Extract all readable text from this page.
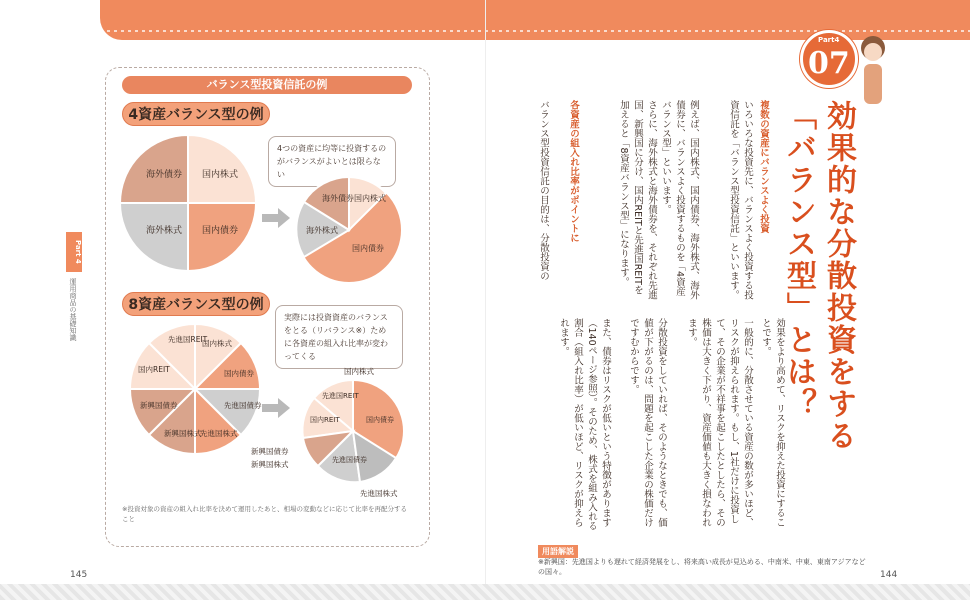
Part 4
運用商品の基礎知識
バランス型投資信託の例
4資産バランス型の例
4つの資産に均等に投資するのがバランスがよいとは限らない
海外債券 国内株式
海外株式 国内債券
海外債券 国内株式
海外株式
国内債券
8資産バランス型の例
実際には投資資産のバランスをとる（リバランス※）ために各資産の組入れ比率が変わってくる
先進国REIT
国内株式
国内REIT	国内債券
新興国債券	先進国債券
新興国株式
先進国株式
先進国REIT
国内REIT	国内債券
先進国債券
国内株式
新興国債券
新興国株式
先進国株式
※投資対象の資産の組入れ比率を決めて運用したあと、相場の変動などに応じて比率を再配分すること
145
Part4
07
効果的な分散投資をする
「バランス型」とは？
複数の資産にバランスよく投資
いろいろな投資先に、バランスよく投資する投資信託を「バランス型投資信託」といいます。
例えば、国内株式、国内債券、海外株式、海外債券に、バランスよく投資するものを「4資産バランス型」といいます。
さらに、海外株式と海外債券を、それぞれ先進国、新興国に分け、国内REITと先進国REITを加えると「8資産バランス型」になります。
各資産の組入れ比率がポイントに
バランス型投資信託の目的は、分散投資の
効果をより高めて、リスクを抑えた投資にすることです。
一般的に、分散させている資産の数が多いほど、リスクが抑えられます。もし、1社だけに投資して、その企業が不祥事を起こしたとしたら、その株価は大きく下がり、資産価値も大きく損なわれます。
分散投資をしていれば、そのようなときでも、価値が下がるのは、問題を起こした企業の株価だけですむからです。
また、債券はリスクが低いという特徴があります（140ページ参照）。そのため、株式を組み入れる割合（組入れ比率）が低いほど、リスクが抑えられます。
用語解説
※新興国：先進国よりも遅れて経済発展をし、将来高い成長が見込める、中南米、中東、東南アジアなどの国々。	144
